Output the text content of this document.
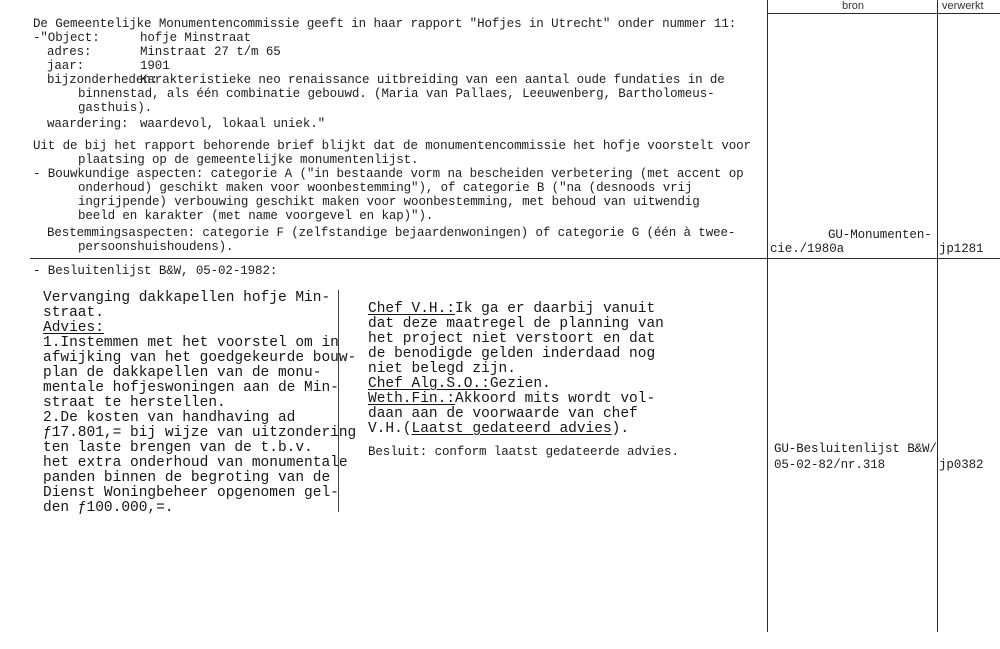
bron	verwerkt
De Gemeentelijke Monumentencommissie geeft in haar rapport "Hofjes in Utrecht" onder nummer 11:
-"Object:	hofje Minstraat
adres:	Minstraat 27 t/m 65
jaar:	1901
bijzonderheden:
Karakteristieke neo renaissance uitbreiding van een aantal oude fundaties in de
binnenstad, als één combinatie gebouwd. (Maria van Pallaes, Leeuwenberg, Bartholomeus-
gasthuis).
waardering: waardevol, lokaal uniek."
Uit de bij het rapport behorende brief blijkt dat de monumentencommissie het hofje voorstelt voor
plaatsing op de gemeentelijke monumentenlijst.
- Bouwkundige aspecten: categorie A ("in bestaande vorm na bescheiden verbetering (met accent op
onderhoud) geschikt maken voor woonbestemming"), of categorie B ("na (desnoods vrij
ingrijpende) verbouwing geschikt maken voor woonbestemming, met behoud van uitwendig
beeld en karakter (met name voorgevel en kap)").
Bestemmingsaspecten: categorie F (zelfstandige bejaardenwoningen) of categorie G (één à twee-
persoonshuishoudens).
GU-Monumenten-
cie./1980a	jp1281
- Besluitenlijst B&W, 05-02-1982:
Vervanging dakkapellen hofje Min-
straat.
Advies:
1.Instemmen met het voorstel om in
afwijking van het goedgekeurde bouw-
plan de dakkapellen van de monu-
mentale hofjeswoningen aan de Min-
straat te herstellen.
2.De kosten van handhaving ad
ƒ17.801,= bij wijze van uitzondering
ten laste brengen van de t.b.v.
het extra onderhoud van monumentale
panden binnen de begroting van de
Dienst Woningbeheer opgenomen gel-
den ƒ100.000,=.
Chef V.H.:Ik ga er daarbij vanuit
dat deze maatregel de planning van
het project niet verstoort en dat
de benodigde gelden inderdaad nog
niet belegd zijn.
Chef Alg.S.O.:Gezien.
Weth.Fin.:Akkoord mits wordt vol-
daan aan de voorwaarde van chef
V.H.(Laatst gedateerd advies).
Besluit: conform laatst gedateerde advies.	GU-Besluitenlijst B&W/
05-02-82/nr.318	jp0382
